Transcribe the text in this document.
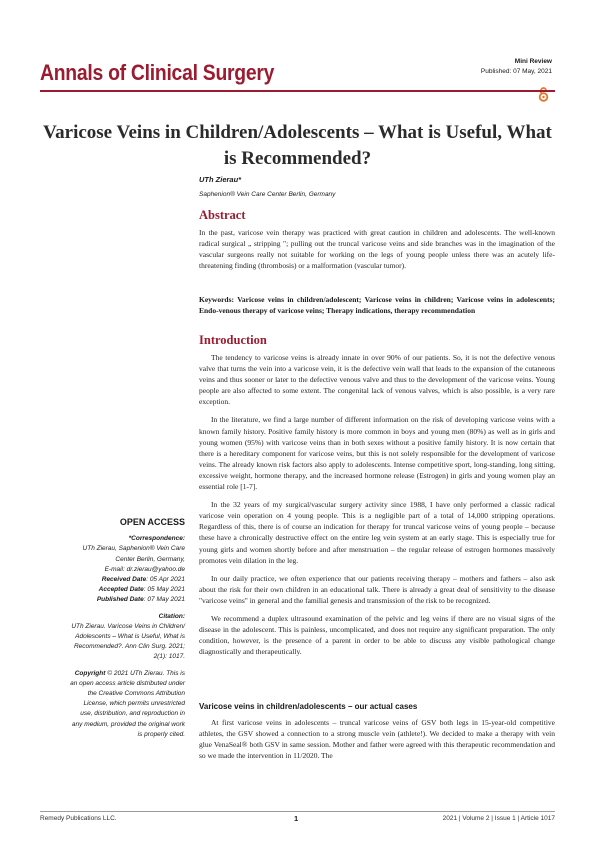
Annals of Clinical Surgery	Mini Review
Published: 07 May, 2021
Varicose Veins in Children/Adolescents – What is Useful, What is Recommended?
UTh Zierau*
Saphenion® Vein Care Center Berlin, Germany
Abstract

In the past, varicose vein therapy was practiced with great caution in children and adolescents. The well-known radical surgical „ stripping "; pulling out the truncal varicose veins and side branches was in the imagination of the vascular surgeons really not suitable for working on the legs of young people unless there was an acutely life-threatening finding (thrombosis) or a malformation (vascular tumor).

Keywords: Varicose veins in children/adolescent; Varicose veins in children; Varicose veins in adolescents; Endo-venous therapy of varicose veins; Therapy indications, therapy recommendation
Introduction

The tendency to varicose veins is already innate in over 90% of our patients. So, it is not the defective venous valve that turns the vein into a varicose vein, it is the defective vein wall that leads to the expansion of the cutaneous veins and thus sooner or later to the defective venous valve and thus to the development of the varicose veins. Young people are also affected to some extent. The congenital lack of venous valves, which is also possible, is a very rare exception.

In the literature, we find a large number of different information on the risk of developing varicose veins with a known family history. Positive family history is more common in boys and young men (80%) as well as in girls and young women (95%) with varicose veins than in both sexes without a positive family history. It is now certain that there is a hereditary component for varicose veins, but this is not solely responsible for the development of varicose veins. The already known risk factors also apply to adolescents. Intense competitive sport, long-standing, long sitting, excessive weight, hormone therapy, and the increased hormone release (Estrogen) in girls and young women play an essential role [1-7].

In the 32 years of my surgical/vascular surgery activity since 1988, I have only performed a classic radical varicose vein operation on 4 young people. This is a negligible part of a total of 14,000 stripping operations. Regardless of this, there is of course an indication for therapy for truncal varicose veins of young people – because these have a chronically destructive effect on the entire leg vein system at an early stage. This is especially true for young girls and women shortly before and after menstruation – the regular release of estrogen hormones massively promotes vein dilation in the leg.

In our daily practice, we often experience that our patients receiving therapy – mothers and fathers – also ask about the risk for their own children in an educational talk. There is already a great deal of sensitivity to the disease "varicose veins" in general and the familial genesis and transmission of the risk to be recognized.

We recommend a duplex ultrasound examination of the pelvic and leg veins if there are no visual signs of the disease in the adolescent. This is painless, uncomplicated, and does not require any significant preparation. The only condition, however, is the presence of a parent in order to be able to discuss any visible pathological change diagnostically and therapeutically.

Varicose veins in children/adolescents – our actual cases

At first varicose veins in adolescents – truncal varicose veins of GSV both legs in 15-year-old competitive athletes, the GSV showed a connection to a strong muscle vein (athlete!). We decided to make a therapy with vein glue VenaSeal® both GSV in same session. Mother and father were agreed with this therapeutic recommendation and so we made the intervention in 11/2020. The

OPEN ACCESS
*Correspondence:
UTh Zierau, Saphenion® Vein Care
Center Berlin, Germany,
E-mail: dr.zierau@yahoo.de
Received Date: 05 Apr 2021
Accepted Date: 05 May 2021
Published Date: 07 May 2021
Citation:
UTh Zierau. Varicose Veins in Children/
Adolescents – What is Useful, What is
Recommended?. Ann Clin Surg. 2021;
2(1): 1017.
Copyright © 2021 UTh Zierau. This is
an open access article distributed under
the Creative Commons Attribution
License, which permits unrestricted
use, distribution, and reproduction in
any medium, provided the original work
is properly cited.
Remedy Publications LLC.	1	2021 | Volume 2 | Issue 1 | Article 1017
